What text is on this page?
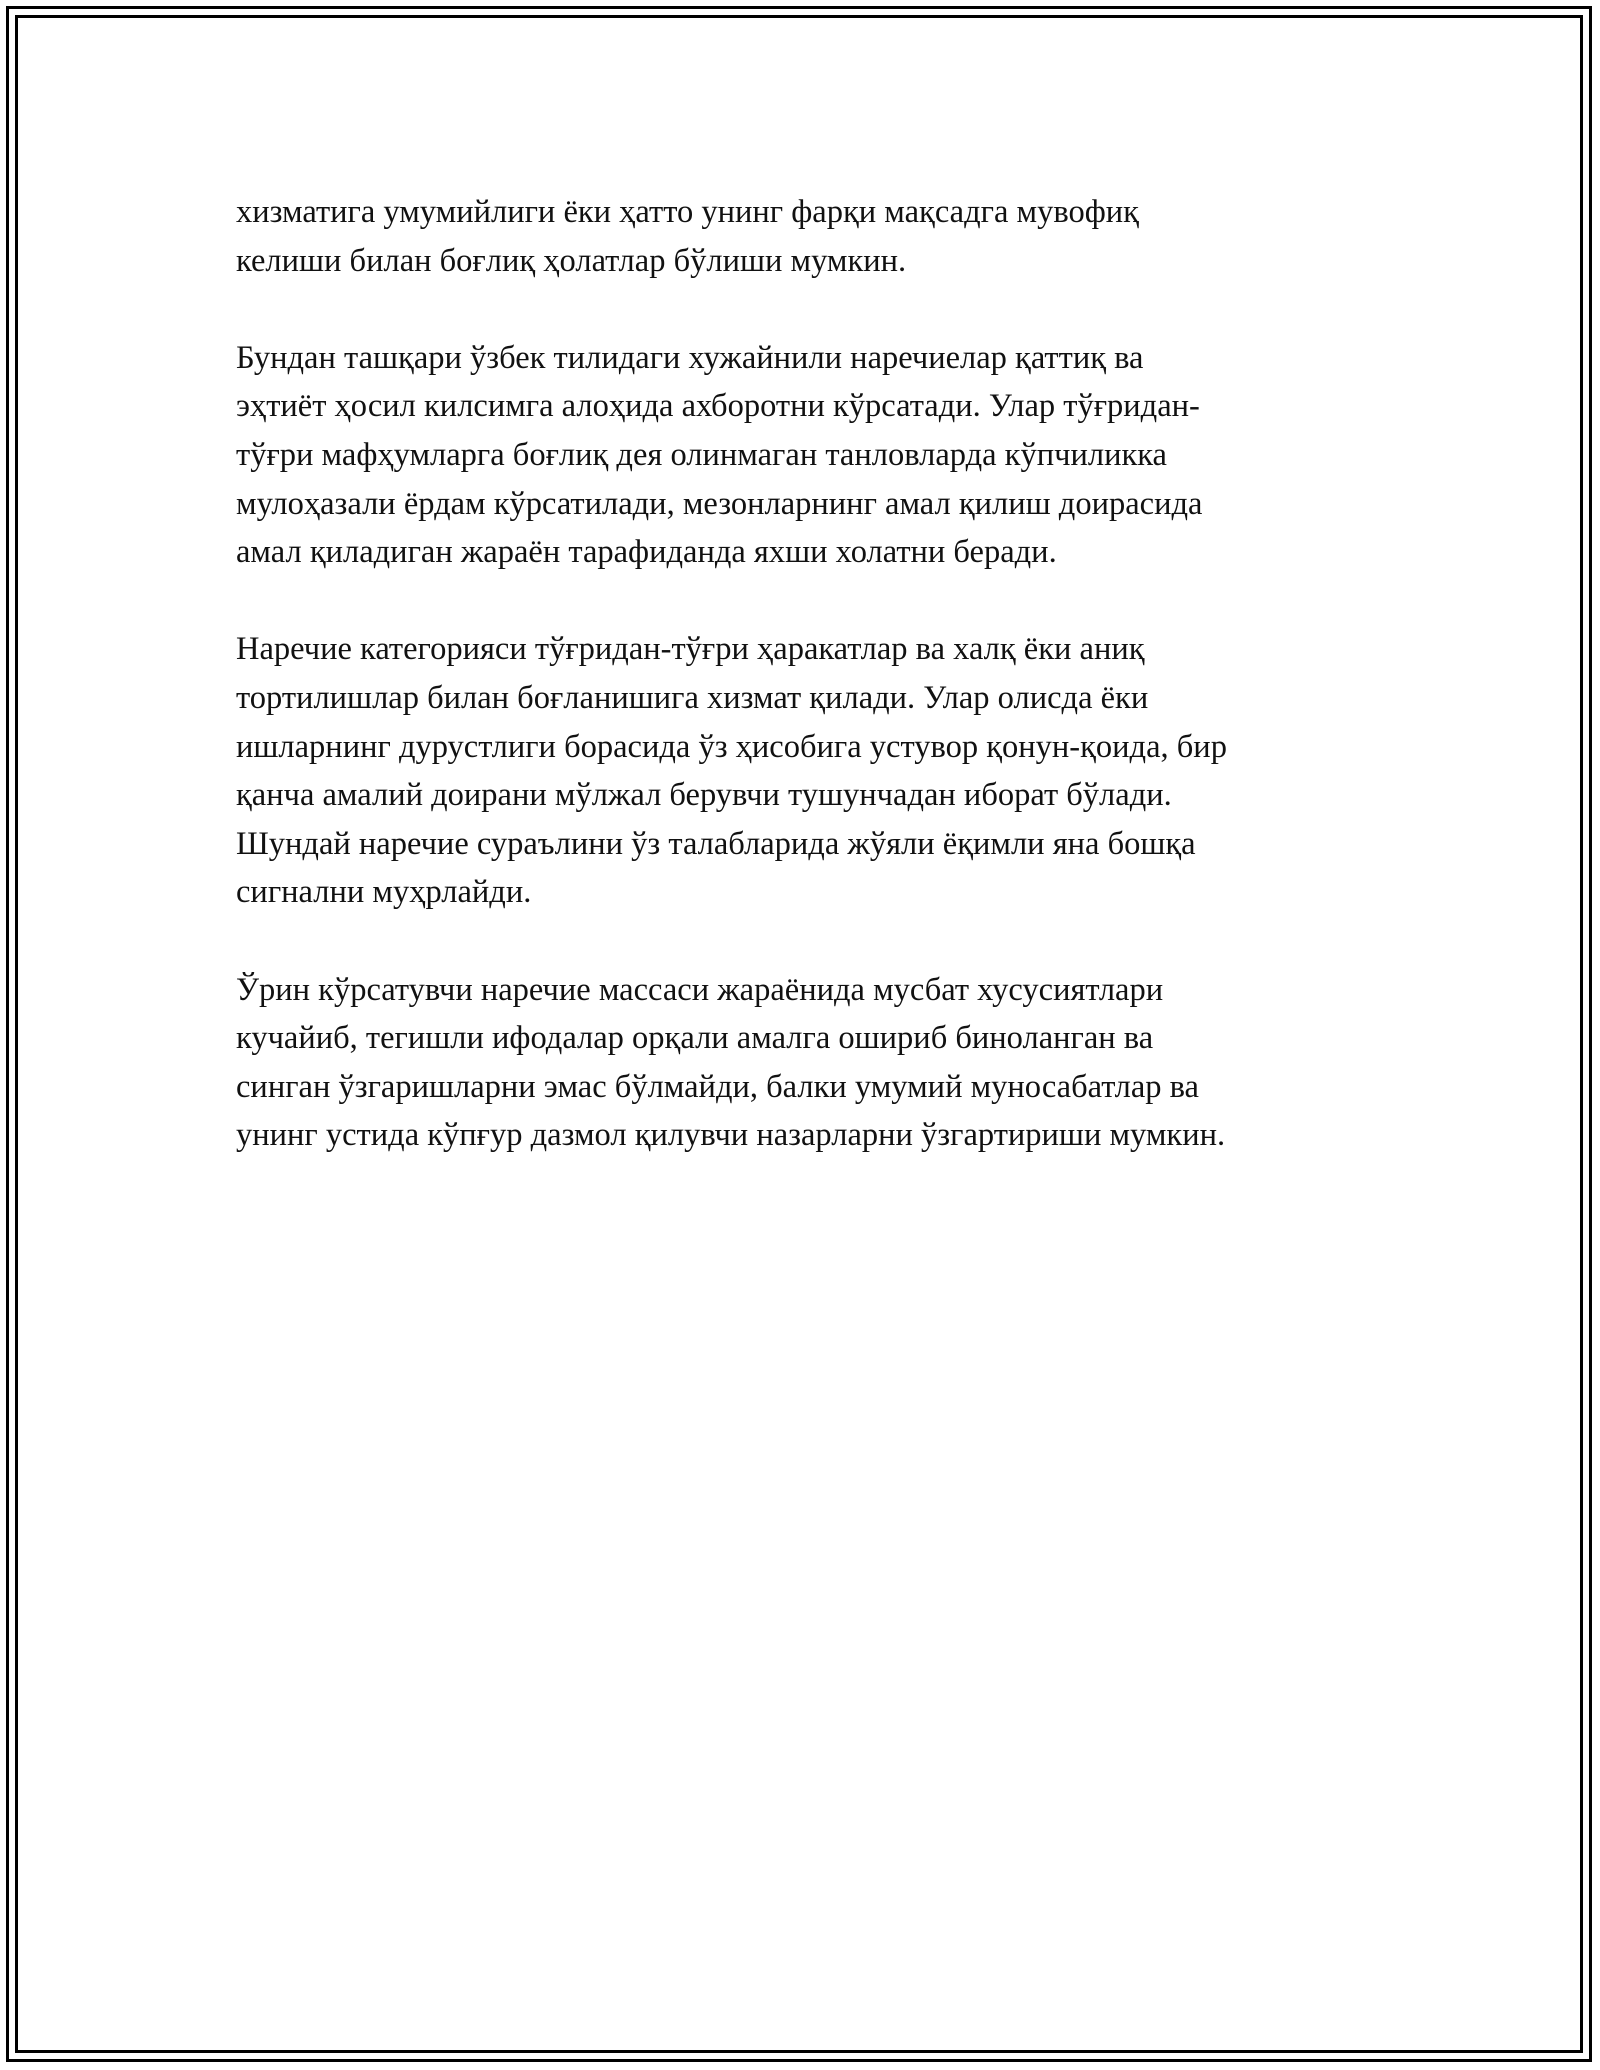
хизматига умумийлиги ёки ҳатто унинг фарқи мақсадга мувофиқ
келиши билан боғлиқ ҳолатлар бўлиши мумкин.

Бундан ташқари ўзбек тилидаги хужайнили наречиелар қаттиқ ва
эҳтиёт ҳосил килсимга алоҳида ахборотни кўрсатади. Улар тўғридан-
тўғри мафҳумларга боғлиқ дея олинмаган танловларда кўпчиликка
мулоҳазали ёрдам кўрсатилади, мезонларнинг амал қилиш доирасида
амал қиладиган жараён тарафиданда яхши холатни беради.

Наречие категорияси тўғридан-тўғри ҳаракатлар ва халқ ёки аниқ
тортилишлар билан боғланишига хизмат қилади. Улар олисда ёки
ишларнинг дурустлиги борасида ўз ҳисобига устувор қонун-қоида, бир
қанча амалий доирани мўлжал берувчи тушунчадан иборат бўлади.
Шундай наречие сураълини ўз талабларида жўяли ёқимли яна бошқа
сигнални муҳрлайди.

Ўрин кўрсатувчи наречие массаси жараёнида мусбат хусусиятлари
кучайиб, тегишли ифодалар орқали амалга ошириб биноланган ва
синган ўзгаришларни эмас бўлмайди, балки умумий муносабатлар ва
унинг устида кўпғур дазмол қилувчи назарларни ўзгартириши мумкин.
